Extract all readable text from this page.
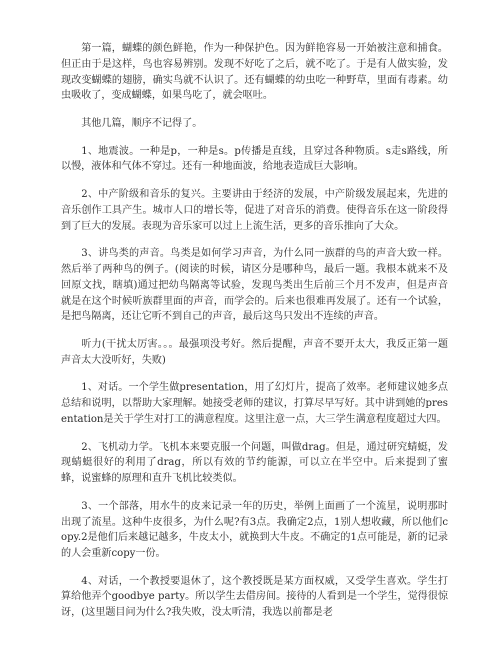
第一篇，蝴蝶的颜色鲜艳，作为一种保护色。因为鲜艳容易一开始被注意和捕食。但正由于是这样，鸟也容易辨别。发现不好吃了之后，就不吃了。于是有人做实验，发现改变蝴蝶的翅膀，确实鸟就不认识了。还有蝴蝶的幼虫吃一种野草，里面有毒素。幼虫吸收了，变成蝴蝶，如果鸟吃了，就会呕吐。

其他几篇，顺序不记得了。

1、地震波。一种是p，一种是s。p传播是直线，且穿过各种物质。s走s路线，所以慢，液体和气体不穿过。还有一种地面波，给地表造成巨大影响。

2、中产阶级和音乐的复兴。主要讲由于经济的发展，中产阶级发展起来，先进的音乐创作工具产生。城市人口的增长等，促进了对音乐的消费。使得音乐在这一阶段得到了巨大的发展。表现为音乐家可以过上上流生活，更多的音乐推向了大众。

3、讲鸟类的声音。鸟类是如何学习声音，为什么同一族群的鸟的声音大致一样。然后举了两种鸟的例子。(阅读的时候，请区分是哪种鸟，最后一题。我根本就来不及回原文找，瞎填)通过把幼鸟隔离等试验，发现鸟类出生后前三个月不发声，但是声音就是在这个时候听族群里面的声音，而学会的。后来也很难再发展了。还有一个试验，是把鸟隔离，还让它听不到自己的声音，最后这鸟只发出不连续的声音。

听力(干扰太厉害。。。最强项没考好。然后提醒，声音不要开太大，我反正第一题声音太大没听好，失败)

1、对话。一个学生做presentation，用了幻灯片，提高了效率。老师建议她多点总结和说明，以帮助大家理解。她接受老师的建议，打算尽早写好。其中讲到她的presentation是关于学生对打工的满意程度。这里注意一点，大三学生满意程度超过大四。

2、飞机动力学。飞机本来要克服一个问题，叫做drag。但是，通过研究蜻蜓，发现蜻蜓很好的利用了drag，所以有效的节约能源，可以立在半空中。后来提到了蜜蜂，说蜜蜂的原理和直升飞机比较类似。

3、一个部落，用水牛的皮来记录一年的历史，举例上面画了一个流星，说明那时出现了流星。这种牛皮很多，为什么呢?有3点。我确定2点，1别人想收藏，所以他们copy.2是他们后来越记越多，牛皮太小，就换到大牛皮。不确定的1点可能是，新的记录的人会重新copy一份。

4、对话，一个教授要退休了，这个教授既是某方面权威，又受学生喜欢。学生打算给他弄个goodbye party。所以学生去借房间。接待的人看到是一个学生，觉得很惊讶，(这里题目问为什么?我失败，没太听清，我选以前都是老
